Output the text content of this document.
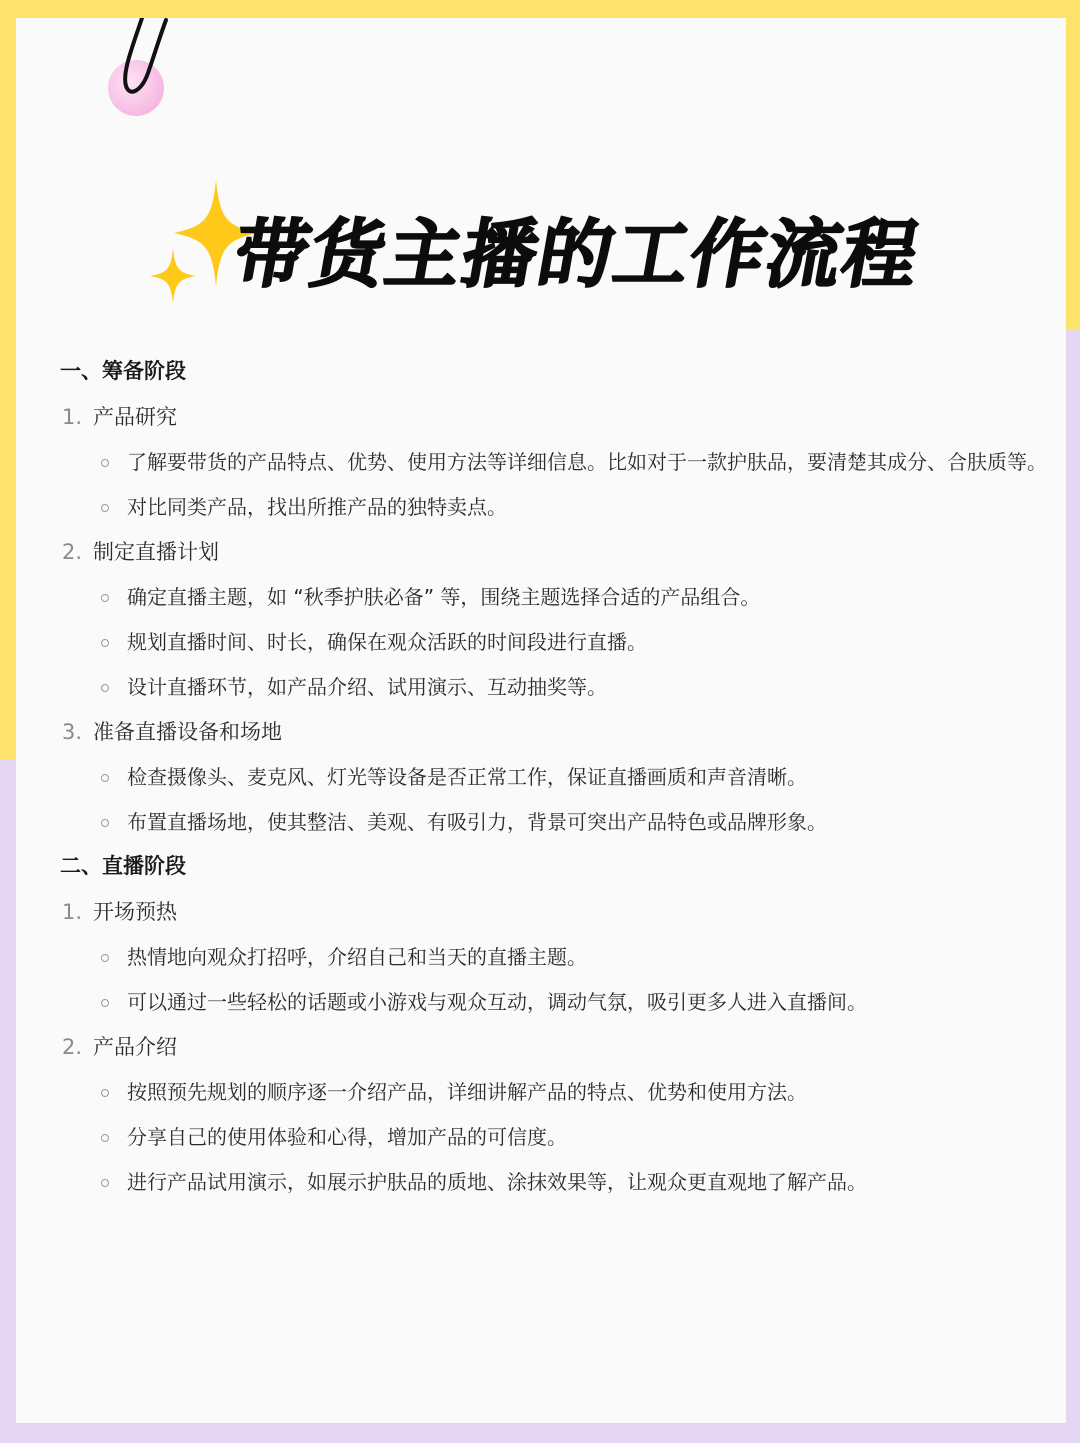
带货主播的工作流程
一、筹备阶段
1. 产品研究
了解要带货的产品特点、优势、使用方法等详细信息。比如对于一款护肤品，要清楚其成分、合肤质等。
对比同类产品，找出所推产品的独特卖点。
2. 制定直播计划
确定直播主题，如 “秋季护肤必备” 等，围绕主题选择合适的产品组合。
规划直播时间、时长，确保在观众活跃的时间段进行直播。
设计直播环节，如产品介绍、试用演示、互动抽奖等。
3. 准备直播设备和场地
检查摄像头、麦克风、灯光等设备是否正常工作，保证直播画质和声音清晰。
布置直播场地，使其整洁、美观、有吸引力，背景可突出产品特色或品牌形象。
二、直播阶段
1. 开场预热
热情地向观众打招呼，介绍自己和当天的直播主题。
可以通过一些轻松的话题或小游戏与观众互动，调动气氛，吸引更多人进入直播间。
2. 产品介绍
按照预先规划的顺序逐一介绍产品，详细讲解产品的特点、优势和使用方法。
分享自己的使用体验和心得，增加产品的可信度。
进行产品试用演示，如展示护肤品的质地、涂抹效果等，让观众更直观地了解产品。
